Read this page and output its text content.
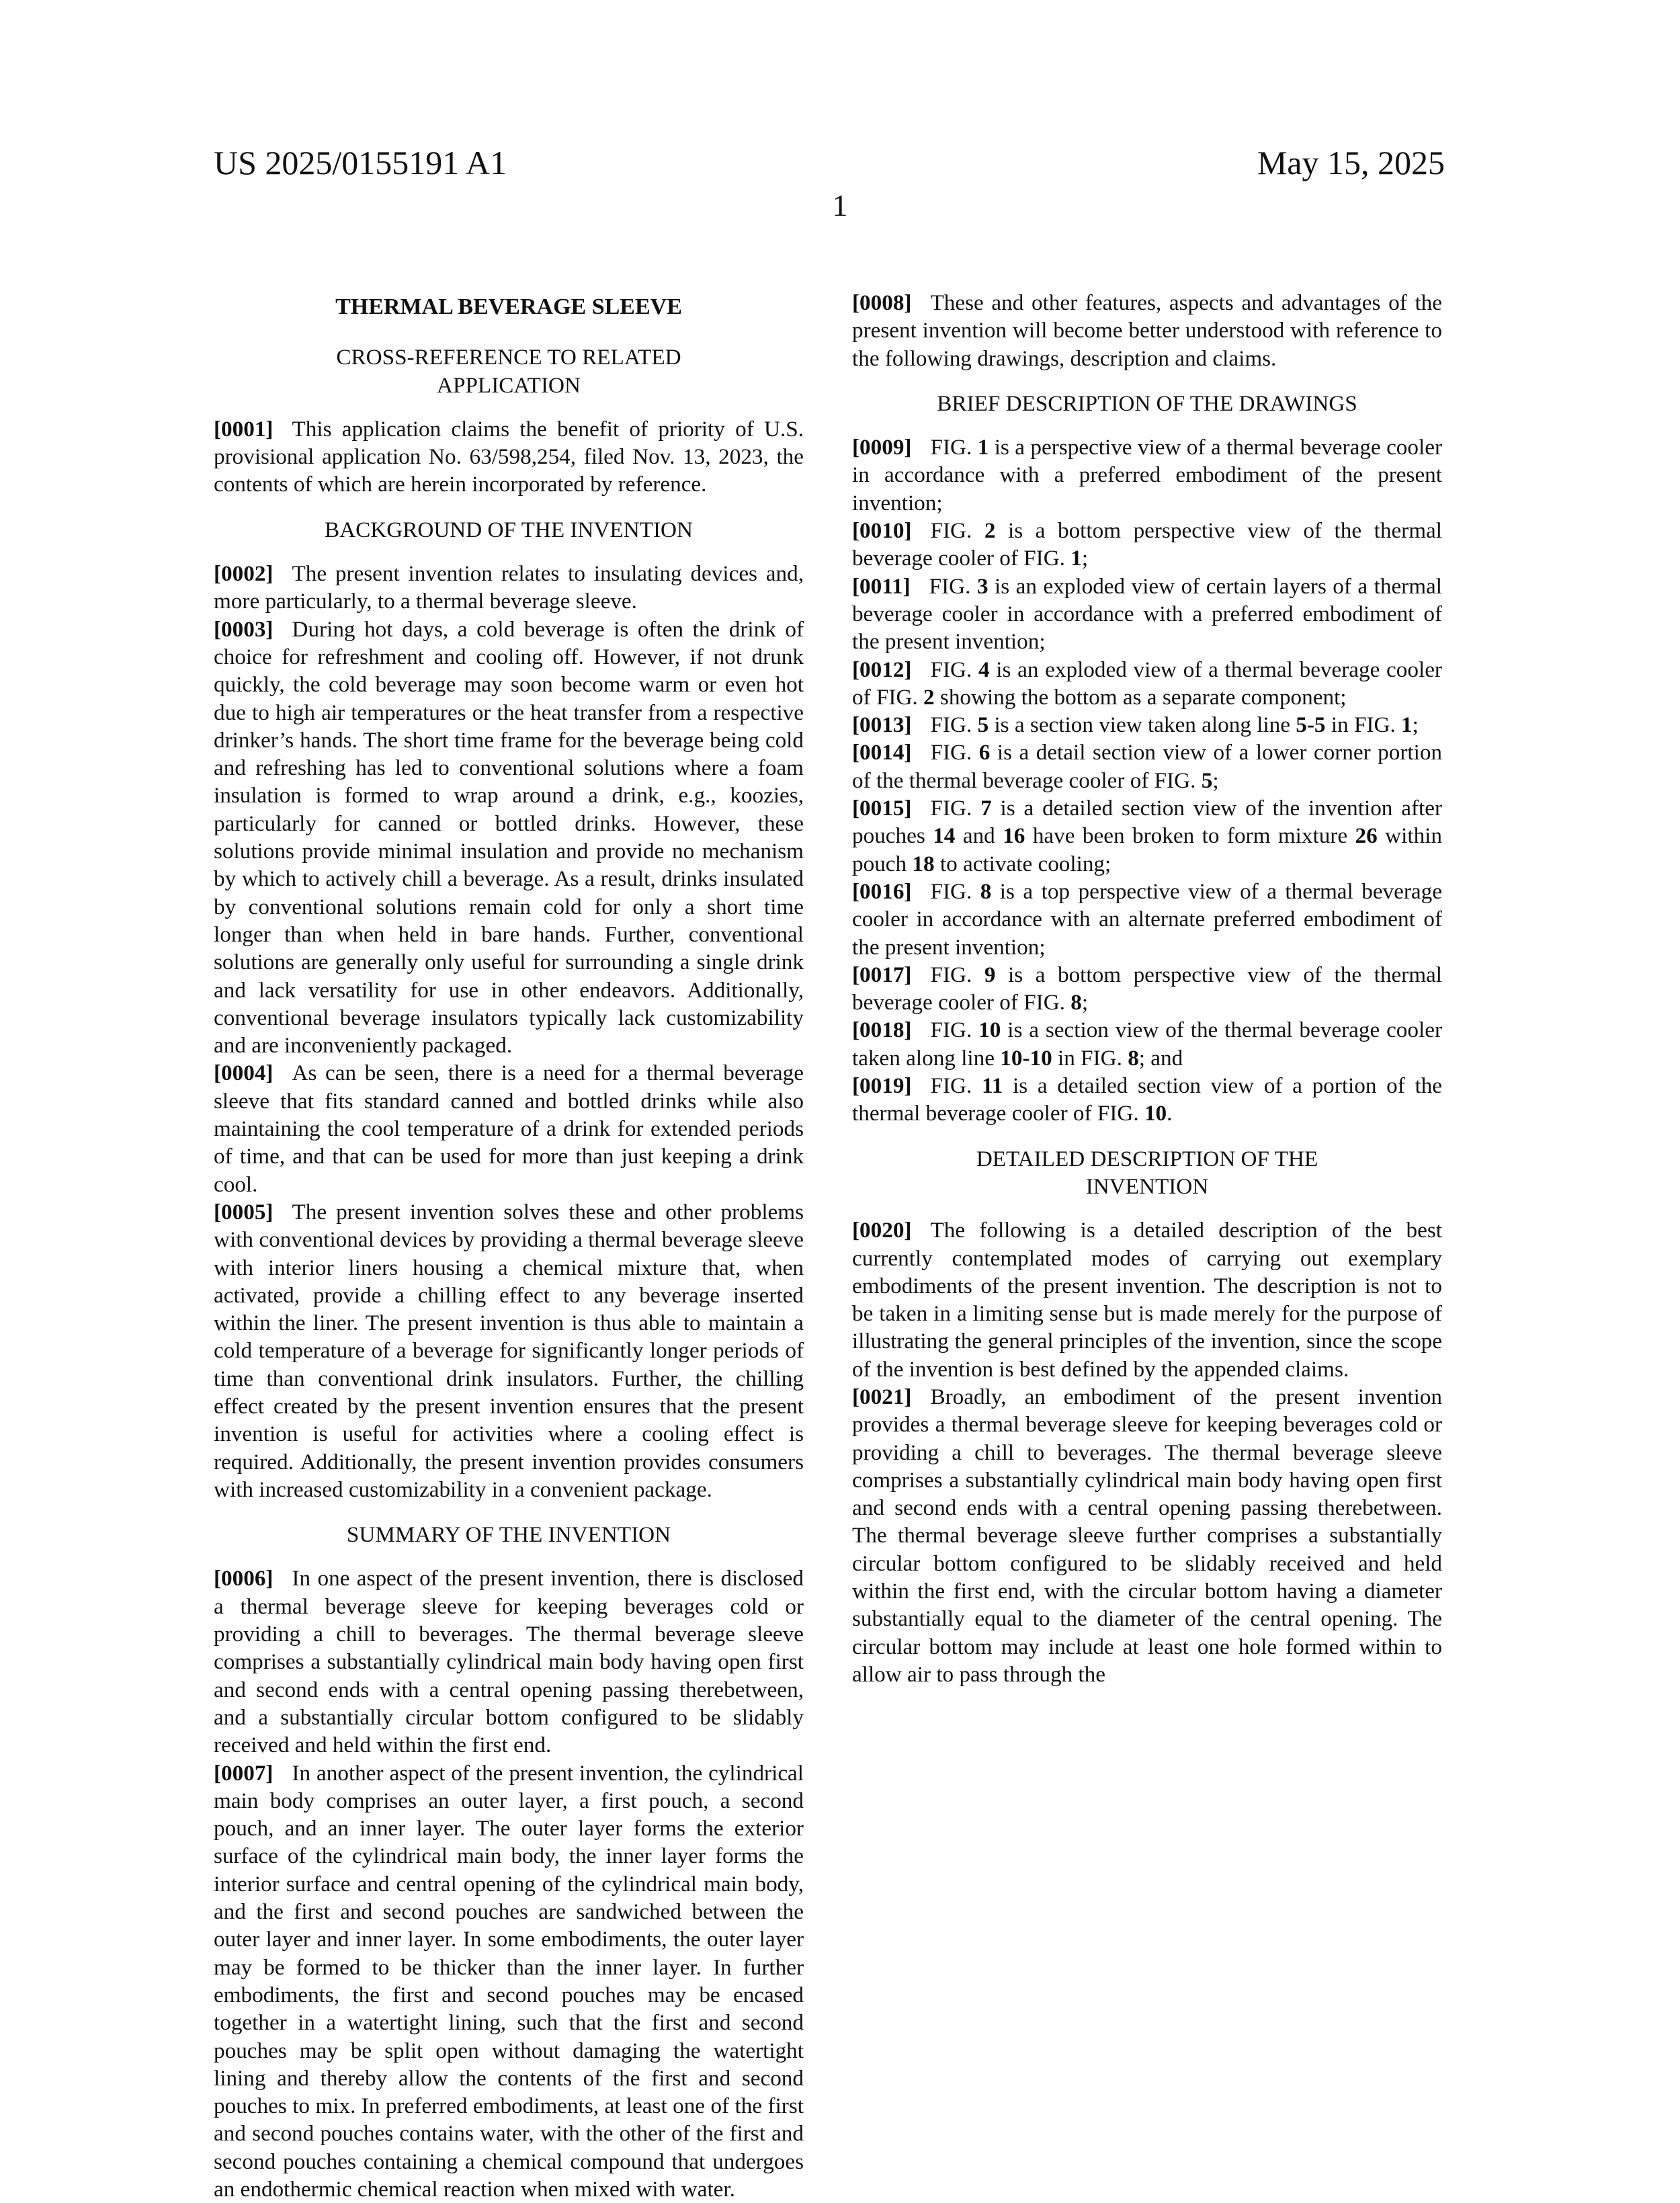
US 2025/0155191 A1	May 15, 2025
1
THERMAL BEVERAGE SLEEVE
CROSS-REFERENCE TO RELATED
APPLICATION
[0001] This application claims the benefit of priority of U.S. provisional application No. 63/598,254, filed Nov. 13, 2023, the contents of which are herein incorporated by reference.
BACKGROUND OF THE INVENTION
[0002] The present invention relates to insulating devices and, more particularly, to a thermal beverage sleeve.
[0003] During hot days, a cold beverage is often the drink of choice for refreshment and cooling off. However, if not drunk quickly, the cold beverage may soon become warm or even hot due to high air temperatures or the heat transfer from a respective drinker’s hands. The short time frame for the beverage being cold and refreshing has led to conventional solutions where a foam insulation is formed to wrap around a drink, e.g., koozies, particularly for canned or bottled drinks. However, these solutions provide minimal insulation and provide no mechanism by which to actively chill a beverage. As a result, drinks insulated by conventional solutions remain cold for only a short time longer than when held in bare hands. Further, conventional solutions are generally only useful for surrounding a single drink and lack versatility for use in other endeavors. Additionally, conventional beverage insulators typically lack customizability and are inconveniently packaged.
[0004] As can be seen, there is a need for a thermal beverage sleeve that fits standard canned and bottled drinks while also maintaining the cool temperature of a drink for extended periods of time, and that can be used for more than just keeping a drink cool.
[0005] The present invention solves these and other problems with conventional devices by providing a thermal beverage sleeve with interior liners housing a chemical mixture that, when activated, provide a chilling effect to any beverage inserted within the liner. The present invention is thus able to maintain a cold temperature of a beverage for significantly longer periods of time than conventional drink insulators. Further, the chilling effect created by the present invention ensures that the present invention is useful for activities where a cooling effect is required. Additionally, the present invention provides consumers with increased customizability in a convenient package.
SUMMARY OF THE INVENTION
[0006] In one aspect of the present invention, there is disclosed a thermal beverage sleeve for keeping beverages cold or providing a chill to beverages. The thermal beverage sleeve comprises a substantially cylindrical main body having open first and second ends with a central opening passing therebetween, and a substantially circular bottom configured to be slidably received and held within the first end.
[0007] In another aspect of the present invention, the cylindrical main body comprises an outer layer, a first pouch, a second pouch, and an inner layer. The outer layer forms the exterior surface of the cylindrical main body, the inner layer forms the interior surface and central opening of the cylindrical main body, and the first and second pouches are sandwiched between the outer layer and inner layer. In some embodiments, the outer layer may be formed to be thicker than the inner layer. In further embodiments, the first and second pouches may be encased together in a watertight lining, such that the first and second pouches may be split open without damaging the watertight lining and thereby allow the contents of the first and second pouches to mix. In preferred embodiments, at least one of the first and second pouches contains water, with the other of the first and second pouches containing a chemical compound that undergoes an endothermic chemical reaction when mixed with water.
[0008] These and other features, aspects and advantages of the present invention will become better understood with reference to the following drawings, description and claims.
BRIEF DESCRIPTION OF THE DRAWINGS
[0009] FIG. 1 is a perspective view of a thermal beverage cooler in accordance with a preferred embodiment of the present invention;
[0010] FIG. 2 is a bottom perspective view of the thermal beverage cooler of FIG. 1;
[0011] FIG. 3 is an exploded view of certain layers of a thermal beverage cooler in accordance with a preferred embodiment of the present invention;
[0012] FIG. 4 is an exploded view of a thermal beverage cooler of FIG. 2 showing the bottom as a separate component;
[0013] FIG. 5 is a section view taken along line 5-5 in FIG. 1;
[0014] FIG. 6 is a detail section view of a lower corner portion of the thermal beverage cooler of FIG. 5;
[0015] FIG. 7 is a detailed section view of the invention after pouches 14 and 16 have been broken to form mixture 26 within pouch 18 to activate cooling;
[0016] FIG. 8 is a top perspective view of a thermal beverage cooler in accordance with an alternate preferred embodiment of the present invention;
[0017] FIG. 9 is a bottom perspective view of the thermal beverage cooler of FIG. 8;
[0018] FIG. 10 is a section view of the thermal beverage cooler taken along line 10-10 in FIG. 8; and
[0019] FIG. 11 is a detailed section view of a portion of the thermal beverage cooler of FIG. 10.
DETAILED DESCRIPTION OF THE
INVENTION
[0020] The following is a detailed description of the best currently contemplated modes of carrying out exemplary embodiments of the present invention. The description is not to be taken in a limiting sense but is made merely for the purpose of illustrating the general principles of the invention, since the scope of the invention is best defined by the appended claims.
[0021] Broadly, an embodiment of the present invention provides a thermal beverage sleeve for keeping beverages cold or providing a chill to beverages. The thermal beverage sleeve comprises a substantially cylindrical main body having open first and second ends with a central opening passing therebetween. The thermal beverage sleeve further comprises a substantially circular bottom configured to be slidably received and held within the first end, with the circular bottom having a diameter substantially equal to the diameter of the central opening. The circular bottom may include at least one hole formed within to allow air to pass through the
